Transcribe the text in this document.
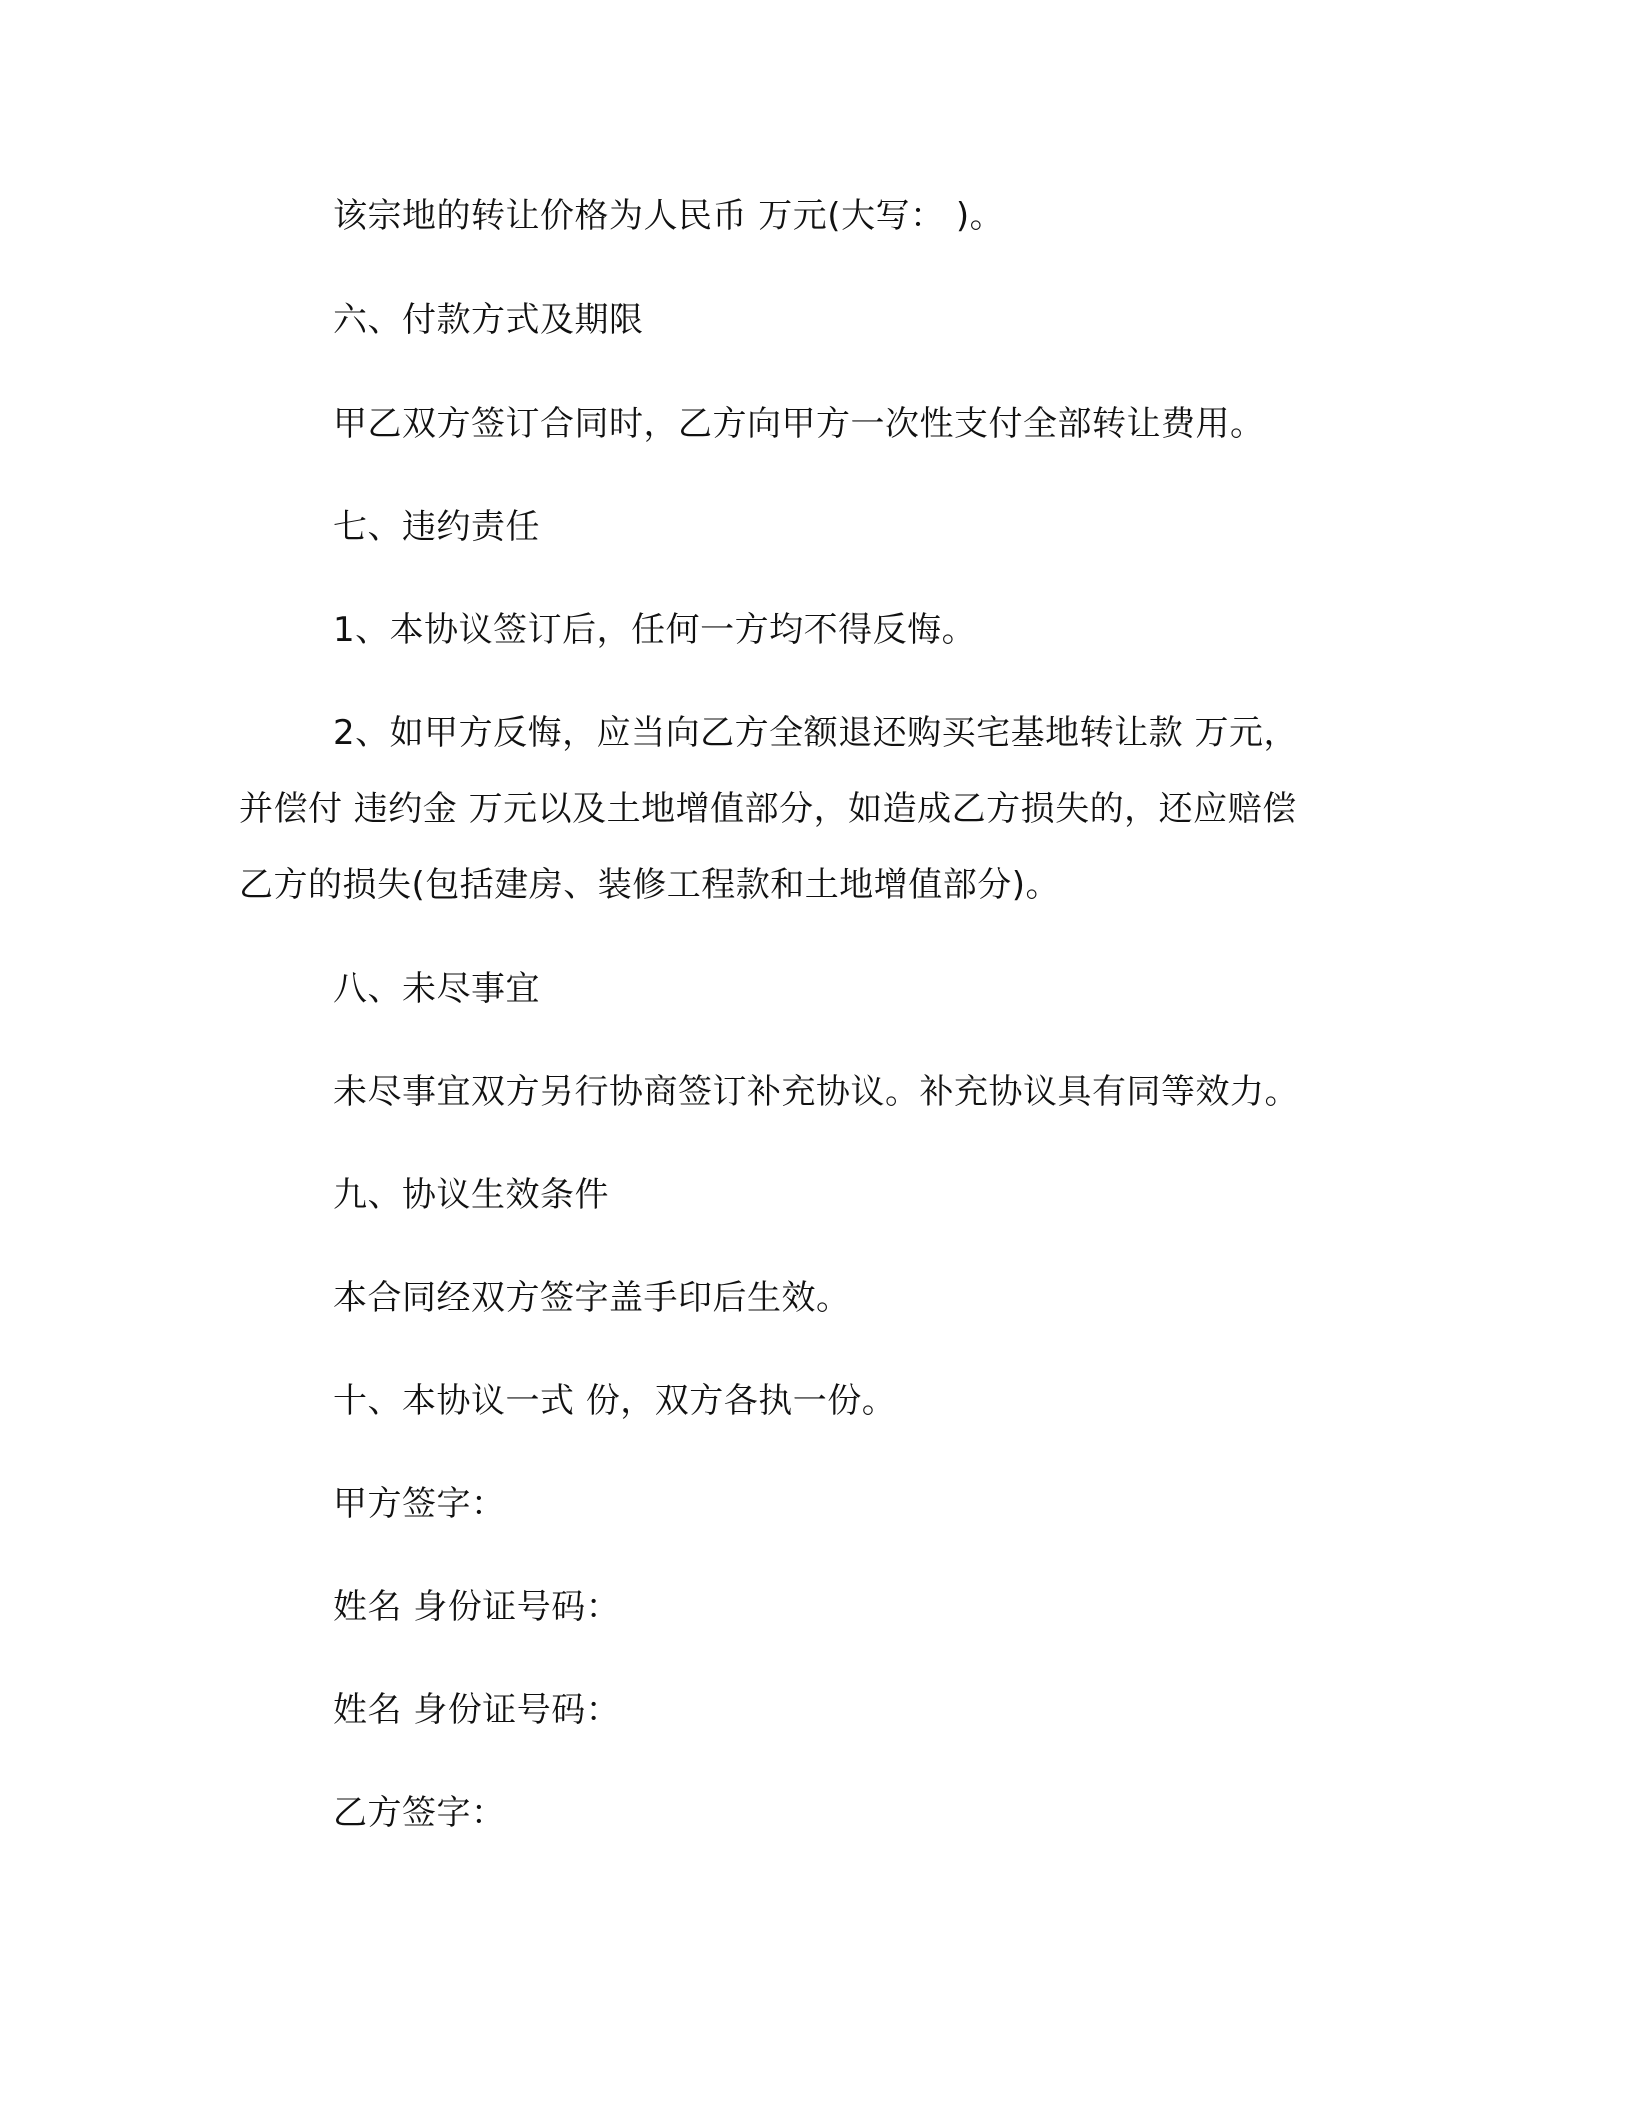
该宗地的转让价格为人民币 万元(大写： )。
六、付款方式及期限
甲乙双方签订合同时，乙方向甲方一次性支付全部转让费用。
七、违约责任
1、本协议签订后，任何一方均不得反悔。
2、如甲方反悔，应当向乙方全额退还购买宅基地转让款 万元，
并偿付 违约金 万元以及土地增值部分，如造成乙方损失的，还应赔偿
乙方的损失(包括建房、装修工程款和土地增值部分)。
八、未尽事宜
未尽事宜双方另行协商签订补充协议。补充协议具有同等效力。
九、协议生效条件
本合同经双方签字盖手印后生效。
十、本协议一式 份，双方各执一份。
甲方签字：
姓名 身份证号码：
姓名 身份证号码：
乙方签字：
